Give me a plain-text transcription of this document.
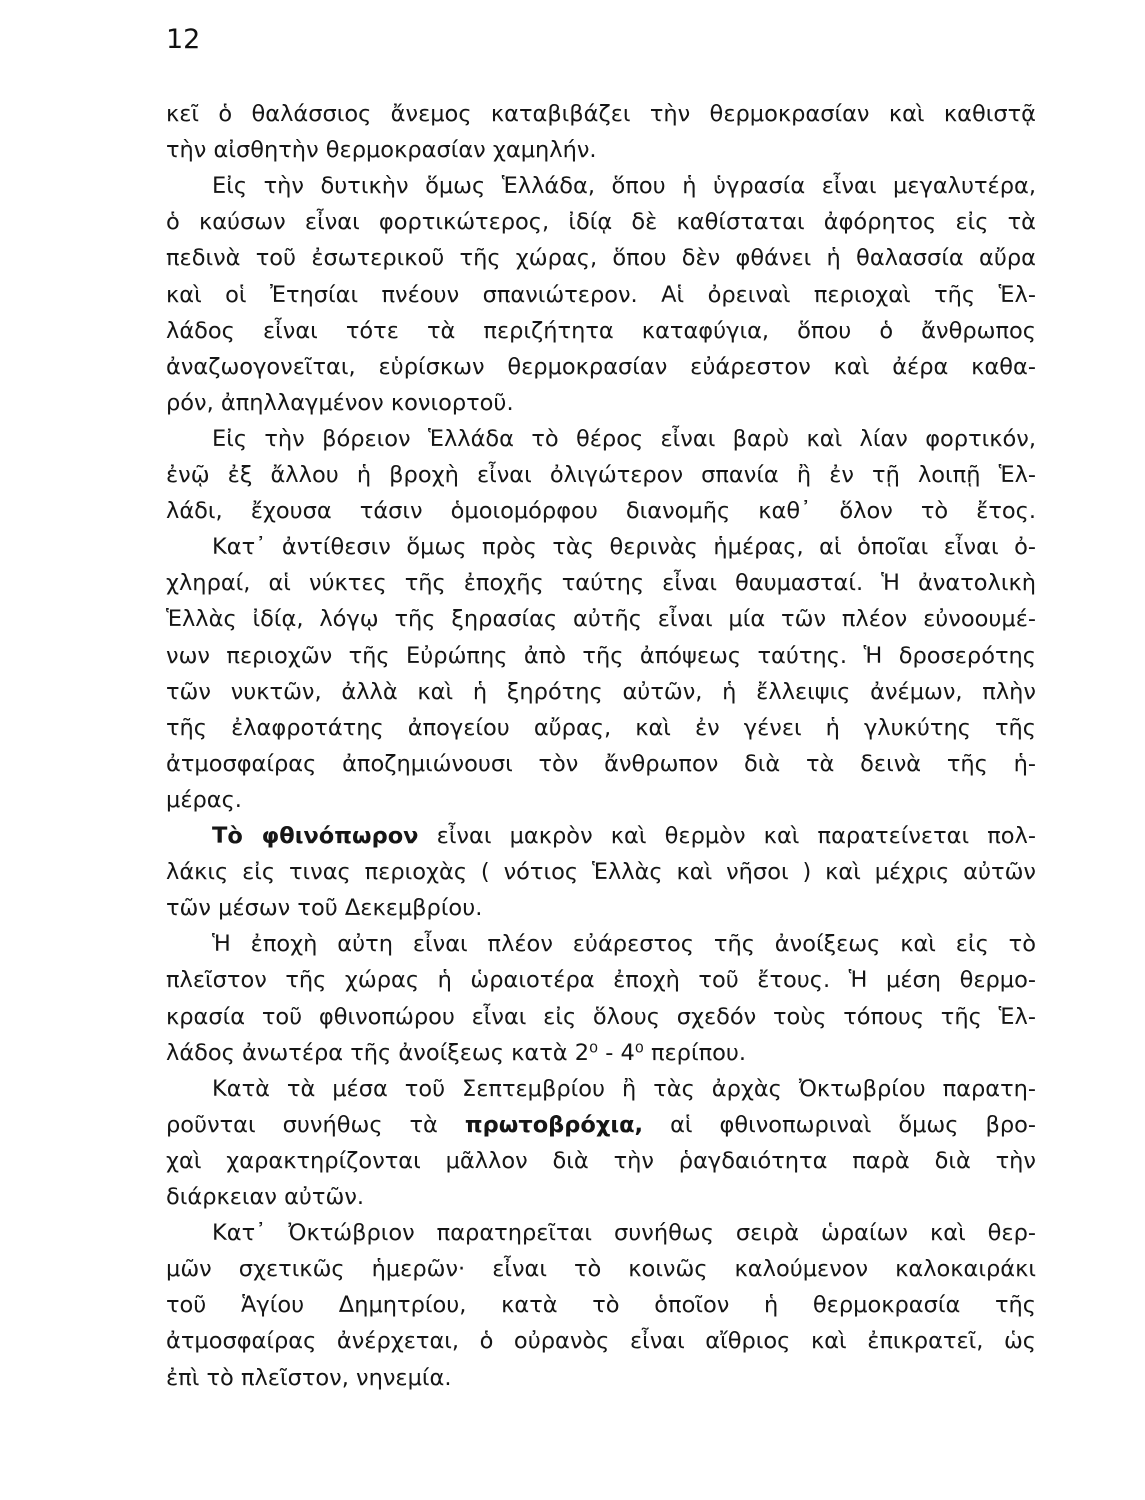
12
κεῖ ὁ θαλάσσιος ἄνεμος καταβιβάζει τὴν θερμοκρασίαν καὶ καθιστᾷ
τὴν αἰσθητὴν θερμοκρασίαν χαμηλήν.
Εἰς τὴν δυτικὴν ὅμως Ἑλλάδα, ὅπου ἡ ὑγρασία εἶναι μεγαλυτέρα,
ὁ καύσων εἶναι φορτικώτερος, ἰδίᾳ δὲ καθίσταται ἀφόρητος εἰς τὰ
πεδινὰ τοῦ ἐσωτερικοῦ τῆς χώρας, ὅπου δὲν φθάνει ἡ θαλασσία αὔρα
καὶ οἱ Ἐτησίαι πνέουν σπανιώτερον. Αἱ ὀρειναὶ περιοχαὶ τῆς Ἑλ-
λάδος εἶναι τότε τὰ περιζήτητα καταφύγια, ὅπου ὁ ἄνθρωπος
ἀναζωογονεῖται, εὑρίσκων θερμοκρασίαν εὐάρεστον καὶ ἀέρα καθα-
ρόν, ἀπηλλαγμένον κονιορτοῦ.
Εἰς τὴν βόρειον Ἑλλάδα τὸ θέρος εἶναι βαρὺ καὶ λίαν φορτικόν,
ἐνῷ ἐξ ἄλλου ἡ βροχὴ εἶναι ὀλιγώτερον σπανία ἢ ἐν τῇ λοιπῇ Ἑλ-
λάδι, ἔχουσα τάσιν ὁμοιομόρφου διανομῆς καθ᾽ ὅλον τὸ ἔτος.
Κατ᾽ ἀντίθεσιν ὅμως πρὸς τὰς θερινὰς ἡμέρας, αἱ ὁποῖαι εἶναι ὀ-
χληραί, αἱ νύκτες τῆς ἐποχῆς ταύτης εἶναι θαυμασταί. Ἡ ἀνατολικὴ
Ἑλλὰς ἰδίᾳ, λόγῳ τῆς ξηρασίας αὐτῆς εἶναι μία τῶν πλέον εὐνοουμέ-
νων περιοχῶν τῆς Εὐρώπης ἀπὸ τῆς ἀπόψεως ταύτης. Ἡ δροσερότης
τῶν νυκτῶν, ἀλλὰ καὶ ἡ ξηρότης αὐτῶν, ἡ ἔλλειψις ἀνέμων, πλὴν
τῆς ἐλαφροτάτης ἀπογείου αὔρας, καὶ ἐν γένει ἡ γλυκύτης τῆς
ἀτμοσφαίρας ἀποζημιώνουσι τὸν ἄνθρωπον διὰ τὰ δεινὰ τῆς ἡ-
μέρας.
Τὸ φθινόπωρον εἶναι μακρὸν καὶ θερμὸν καὶ παρατείνεται πολ-
λάκις εἰς τινας περιοχὰς ( νότιος Ἑλλὰς καὶ νῆσοι ) καὶ μέχρις αὐτῶν
τῶν μέσων τοῦ Δεκεμβρίου.
Ἡ ἐποχὴ αὐτη εἶναι πλέον εὐάρεστος τῆς ἀνοίξεως καὶ εἰς τὸ
πλεῖστον τῆς χώρας ἡ ὡραιοτέρα ἐποχὴ τοῦ ἔτους. Ἡ μέση θερμο-
κρασία τοῦ φθινοπώρου εἶναι εἰς ὅλους σχεδόν τοὺς τόπους τῆς Ἑλ-
λάδος ἀνωτέρα τῆς ἀνοίξεως κατὰ 2⁰ - 4⁰ περίπου.
Κατὰ τὰ μέσα τοῦ Σεπτεμβρίου ἢ τὰς ἀρχὰς Ὀκτωβρίου παρατη-
ροῦνται συνήθως τὰ πρωτοβρόχια, αἱ φθινοπωριναὶ ὅμως βρο-
χαὶ χαρακτηρίζονται μᾶλλον διὰ τὴν ῥαγδαιότητα παρὰ διὰ τὴν
διάρκειαν αὐτῶν.
Κατ᾽ Ὀκτώβριον παρατηρεῖται συνήθως σειρὰ ὡραίων καὶ θερ-
μῶν σχετικῶς ἡμερῶν· εἶναι τὸ κοινῶς καλούμενον καλοκαιράκι
τοῦ Ἁγίου Δημητρίου, κατὰ τὸ ὁποῖον ἡ θερμοκρασία τῆς
ἀτμοσφαίρας ἀνέρχεται, ὁ οὐρανὸς εἶναι αἴθριος καὶ ἐπικρατεῖ, ὡς
ἐπὶ τὸ πλεῖστον, νηνεμία.
